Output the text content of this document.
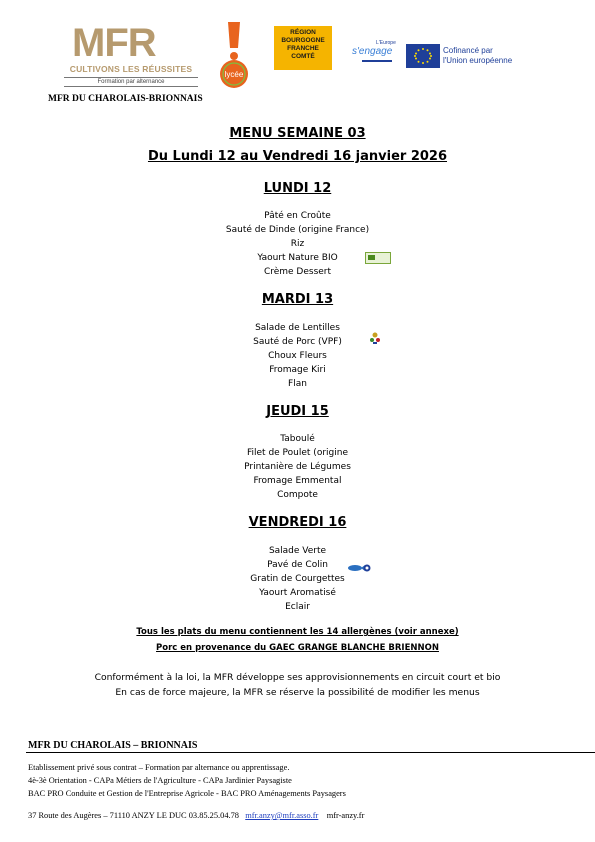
MFR
CULTIVONS LES RÉUSSITES
Formation par alternance
MFR DU CHAROLAIS-BRIONNAIS
lycée
RÉGION
BOURGOGNE
FRANCHE
COMTÉ
L'Europe
s'engage	Cofinancé par
l'Union européenne
MENU SEMAINE 03
Du Lundi 12 au Vendredi 16 janvier 2026
LUNDI 12
Pâté en Croûte
Sauté de Dinde (origine France)
Riz
Yaourt Nature BIO
Crème Dessert
MARDI 13
Salade de Lentilles
Sauté de Porc (VPF)
Choux Fleurs
Fromage Kiri
Flan
JEUDI 15
Taboulé
Filet de Poulet (origine
Printanière de Légumes
Fromage Emmental
Compote
VENDREDI 16
Salade Verte
Pavé de Colin
Gratin de Courgettes
Yaourt Aromatisé
Eclair
Tous les plats du menu contiennent les 14 allergènes (voir annexe)
Porc en provenance du GAEC GRANGE BLANCHE BRIENNON
Conformément à la loi, la MFR développe ses approvisionnements en circuit court et bio
En cas de force majeure, la MFR se réserve la possibilité de modifier les menus
MFR DU CHAROLAIS – BRIONNAIS
Etablissement privé sous contrat – Formation par alternance ou apprentissage.
4è-3è Orientation - CAPa Métiers de l'Agriculture - CAPa Jardinier Paysagiste
BAC PRO Conduite et Gestion de l'Entreprise Agricole - BAC PRO Aménagements Paysagers
37 Route des Augères – 71110 ANZY LE DUC 03.85.25.04.78 mfr.anzy@mfr.asso.fr mfr-anzy.fr
